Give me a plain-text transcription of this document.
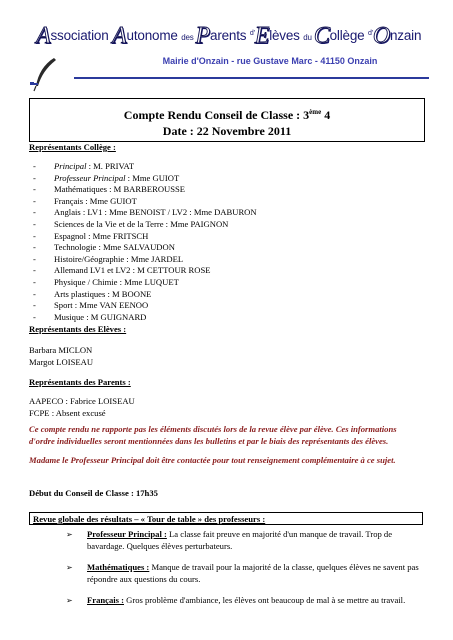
Association Autonome des Parents $^{d'}$Elèves du Collège $^{d'}$Onzain
Mairie d'Onzain - rue Gustave Marc - 41150 Onzain
Compte Rendu Conseil de Classe : 3ème 4
Date : 22 Novembre 2011
Représentants Collège :
- Principal : M. PRIVAT
- Professeur Principal : Mme GUIOT
- Mathématiques : M BARBEROUSSE
- Français : Mme GUIOT
- Anglais : LV1 : Mme BENOIST / LV2 : Mme DABURON
- Sciences de la Vie et de la Terre : Mme PAIGNON
- Espagnol : Mme FRITSCH
- Technologie : Mme SALVAUDON
- Histoire/Géographie : Mme JARDEL
- Allemand LV1 et LV2 : M CETTOUR ROSE
- Physique / Chimie : Mme LUQUET
- Arts plastiques : M BOONE
- Sport : Mme VAN EENOO
- Musique : M GUIGNARD
Représentants des Elèves :
Barbara MICLON
Margot LOISEAU
Représentants des Parents :
AAPECO : Fabrice LOISEAU
FCPE : Absent excusé
Ce compte rendu ne rapporte pas les éléments discutés lors de la revue élève par élève. Ces informations d'ordre individuelles seront mentionnées dans les bulletins et par le biais des représentants des élèves.
Madame le Professeur Principal doit être contactée pour tout renseignement complémentaire à ce sujet.
Début du Conseil de Classe : 17h35
Revue globale des résultats – « Tour de table » des professeurs :
➢ Professeur Principal : La classe fait preuve en majorité d'un manque de travail. Trop de bavardage. Quelques élèves perturbateurs.
➢ Mathématiques : Manque de travail pour la majorité de la classe, quelques élèves ne savent pas répondre aux questions du cours.
➢ Français : Gros problème d'ambiance, les élèves ont beaucoup de mal à se mettre au travail.
